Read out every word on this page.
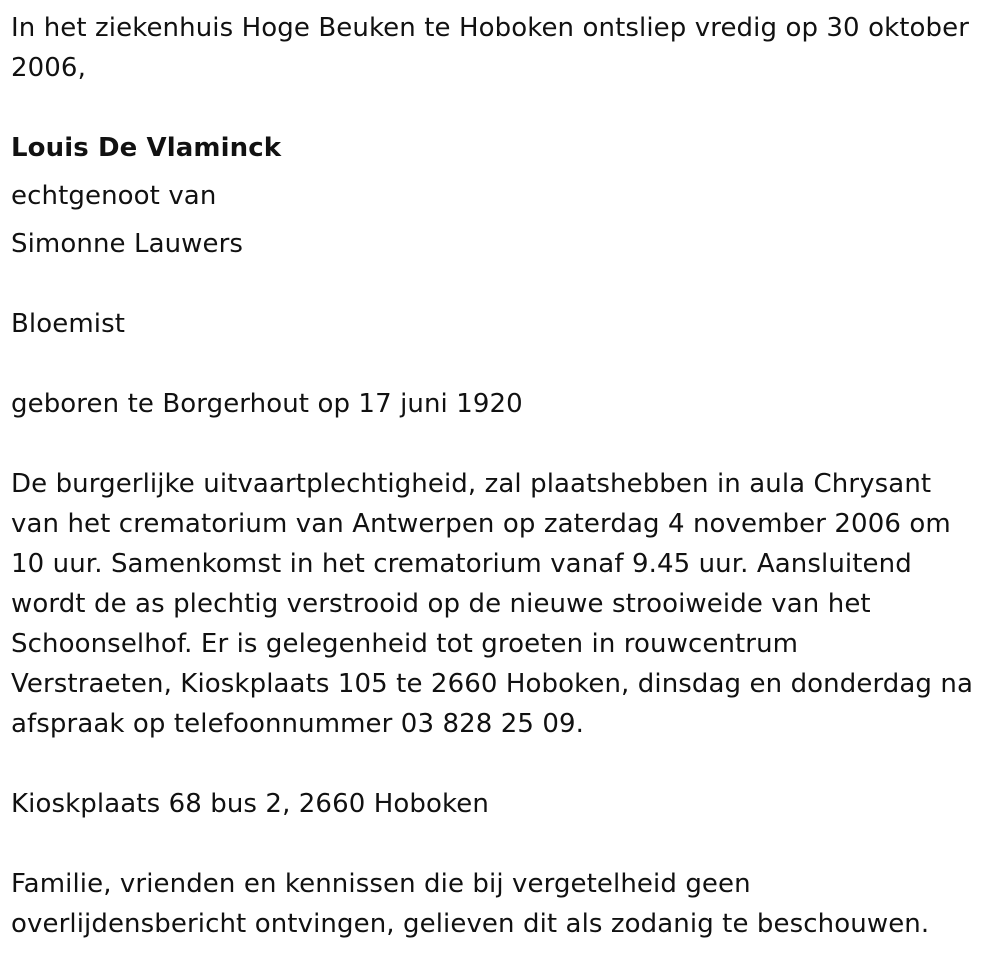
In het ziekenhuis Hoge Beuken te Hoboken ontsliep vredig op 30 oktober

2006,

Louis De Vlaminck

echtgenoot van

Simonne Lauwers

Bloemist

geboren te Borgerhout op 17 juni 1920

De burgerlijke uitvaartplechtigheid, zal plaatshebben in aula Chrysant

van het crematorium van Antwerpen op zaterdag 4 november 2006 om

10 uur. Samenkomst in het crematorium vanaf 9.45 uur. Aansluitend

wordt de as plechtig verstrooid op de nieuwe strooiweide van het

Schoonselhof. Er is gelegenheid tot groeten in rouwcentrum

Verstraeten, Kioskplaats 105 te 2660 Hoboken, dinsdag en donderdag na

afspraak op telefoonnummer 03 828 25 09.

Kioskplaats 68 bus 2, 2660 Hoboken

Familie, vrienden en kennissen die bij vergetelheid geen

overlijdensbericht ontvingen, gelieven dit als zodanig te beschouwen.
